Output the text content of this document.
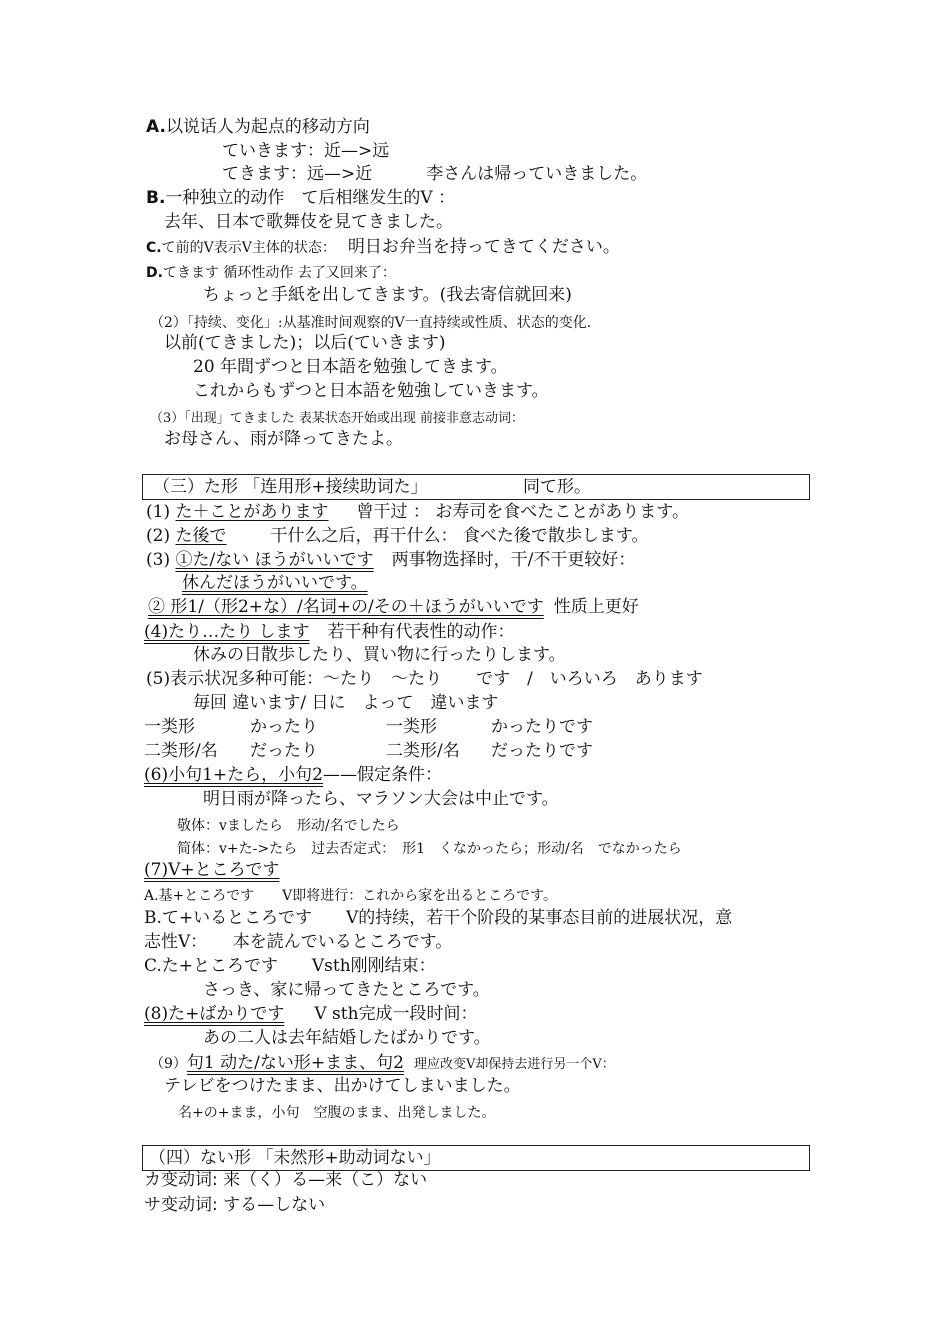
A.以说话人为起点的移动方向
ていきます：近—>远
てきます：远—>近	李さんは帰っていきました。
B.一种独立的动作　て后相继发生的V ：
去年、日本で歌舞伎を見てきました。
C.て前的V表示V主体的状态： 明日お弁当を持ってきてください。
D.てきます 循环性动作 去了又回来了：
ちょっと手紙を出してきます。(我去寄信就回来)
（2）「持续、变化」:从基准时间观察的V一直持续或性质、状态的变化.
以前(てきました)；以后(ていきます)
20 年間ずつと日本語を勉強してきます。
これからもずつと日本語を勉強していきます。
（3）「出现」てきました 表某状态开始或出现 前接非意志动词：
お母さん、雨が降ってきたよ。
（三）た形 「连用形+接续助词た」	同て形。
(1) た＋ことがあります 曾干过 ： お寿司を食べたことがあります。
(2) た後で	干什么之后，再干什么： 食べた後で散歩します。
(3) ①た/ない ほうがいいです 两事物选择时，干/不干更较好：
休んだほうがいいです。
② 形1/（形2+な）/名词+の/その＋ほうがいいです 性质上更好
(4)たり…たり します 若干种有代表性的动作：
休みの日散歩したり、買い物に行ったりします。
(5)表示状况多种可能：～たり　～たり　　です　/　いろいろ　あります
毎回 違います/ 日に　よって　違います
一类形	かったり	一类形	かったりです
二类形/名 だったり	二类形/名 だったりです
(6)小句1+たら，小句2——假定条件：
明日雨が降ったら、マラソン大会は中止です。
敬体：vましたら　形动/名でしたら
简体：v+た->たら　过去否定式：　形1　くなかったら；形动/名　でなかったら
(7)V+ところです
A.基+ところです　　V即将进行：これから家を出るところです。
B.て+いるところです　　V的持续，若干个阶段的某事态目前的进展状况，意
志性V：　　本を読んでいるところです。
C.た+ところです　　Vsth刚刚结束：
さっき、家に帰ってきたところです。
(8)た+ばかりです V sth完成一段时间：
あの二人は去年結婚したばかりです。
（9）句1 动た/ない形+まま、句2 理应改变V却保持去进行另一个V：
テレビをつけたまま、出かけてしまいました。
名+の+まま，小句　空腹のまま、出発しました。
（四）ない形 「未然形+助动词ない」
カ变动词: 来（く）る—来（こ）ない
サ变动词: する—しない
